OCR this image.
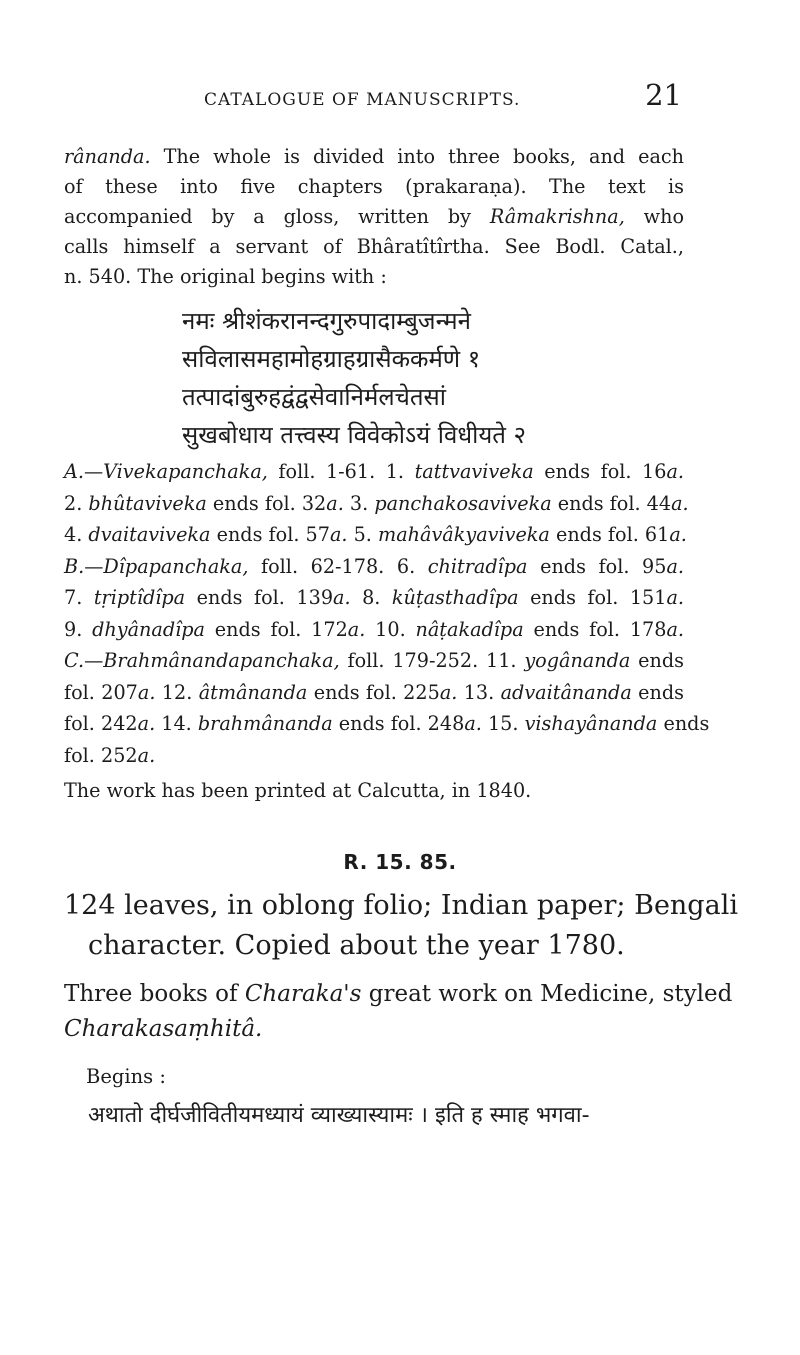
CATALOGUE OF MANUSCRIPTS.	21
rânanda. The whole is divided into three books, and each
of these into five chapters (prakaraṇa). The text is
accompanied by a gloss, written by Râmakrishna, who
calls himself a servant of Bhâratîtîrtha. See Bodl. Catal.,
n. 540. The original begins with :
नमः श्रीशंकरानन्दगुरुपादाम्बुजन्मने
सविलासमहामोहग्राहग्रासैककर्मणे १
तत्पादांबुरुहद्वंद्वसेवानिर्मलचेतसां
सुखबोधाय तत्त्वस्य विवेकोऽयं विधीयते २
A.—Vivekapanchaka, foll. 1-61. 1. tattvaviveka ends fol. 16a.
2. bhûtaviveka ends fol. 32a. 3. panchakosaviveka ends fol. 44a.
4. dvaitaviveka ends fol. 57a. 5. mahâvâkyaviveka ends fol. 61a.
B.—Dîpapanchaka, foll. 62-178. 6. chitradîpa ends fol. 95a.
7. tṛiptîdîpa ends fol. 139a. 8. kûṭasthadîpa ends fol. 151a.
9. dhyânadîpa ends fol. 172a. 10. nâṭakadîpa ends fol. 178a.
C.—Brahmânandapanchaka, foll. 179-252. 11. yogânanda ends
fol. 207a. 12. âtmânanda ends fol. 225a. 13. advaitânanda ends
fol. 242a. 14. brahmânanda ends fol. 248a. 15. vishayânanda ends
fol. 252a.
The work has been printed at Calcutta, in 1840.
R. 15. 85.
124 leaves, in oblong folio; Indian paper; Bengali
character. Copied about the year 1780.
Three books of Charaka's great work on Medicine, styled
Charakasaṃhitâ.
Begins :
अथातो दीर्घजीवितीयमध्यायं व्याख्यास्यामः । इति ह स्माह भगवा-
